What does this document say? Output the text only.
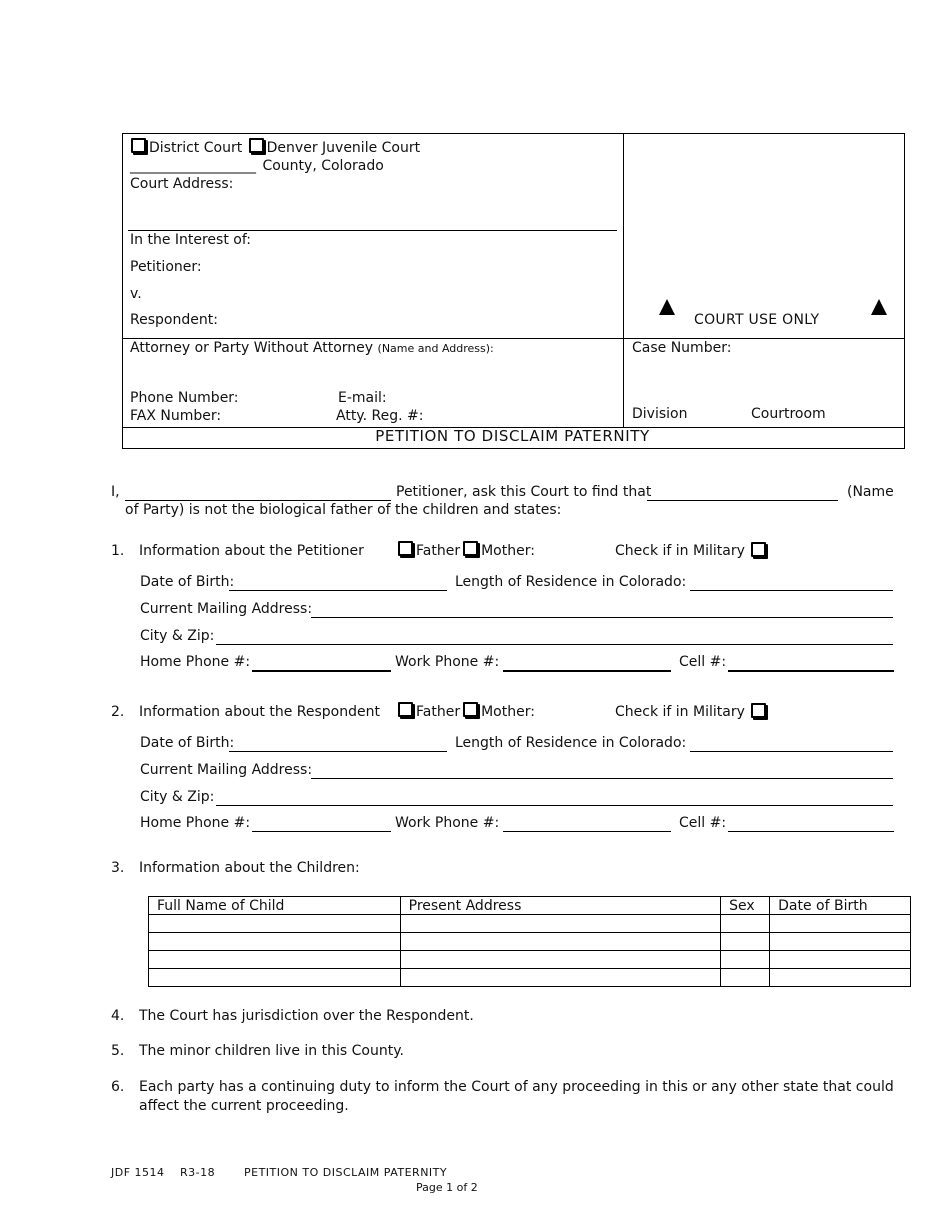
District Court Denver Juvenile Court
__________________ County, Colorado
Court Address:
In the Interest of:
Petitioner:
v.
Respondent:	COURT USE ONLY
Attorney or Party Without Attorney (Name and Address):
Phone Number:	E-mail:
FAX Number:	Atty. Reg. #:
Case Number:
Division	Courtroom
PETITION TO DISCLAIM PATERNITY
I,	Petitioner, ask this Court to find that	(Name
of Party) is not the biological father of the children and states:
1. Information about the Petitioner	Father Mother:	Check if in Military
Date of Birth:	Length of Residence in Colorado:
Current Mailing Address:
City & Zip:
Home Phone #:	Work Phone #:	Cell #:
2. Information about the Respondent	Father Mother:	Check if in Military
Date of Birth:	Length of Residence in Colorado:
Current Mailing Address:
City & Zip:
Home Phone #:	Work Phone #:	Cell #:
3. Information about the Children:
Full Name of Child	Present Address	Sex	Date of Birth

4. The Court has jurisdiction over the Respondent.
5. The minor children live in this County.
6. Each party has a continuing duty to inform the Court of any proceeding in this or any other state that could
affect the current proceeding.
JDF 1514 R3-18	PETITION TO DISCLAIM PATERNITY
Page 1 of 2
